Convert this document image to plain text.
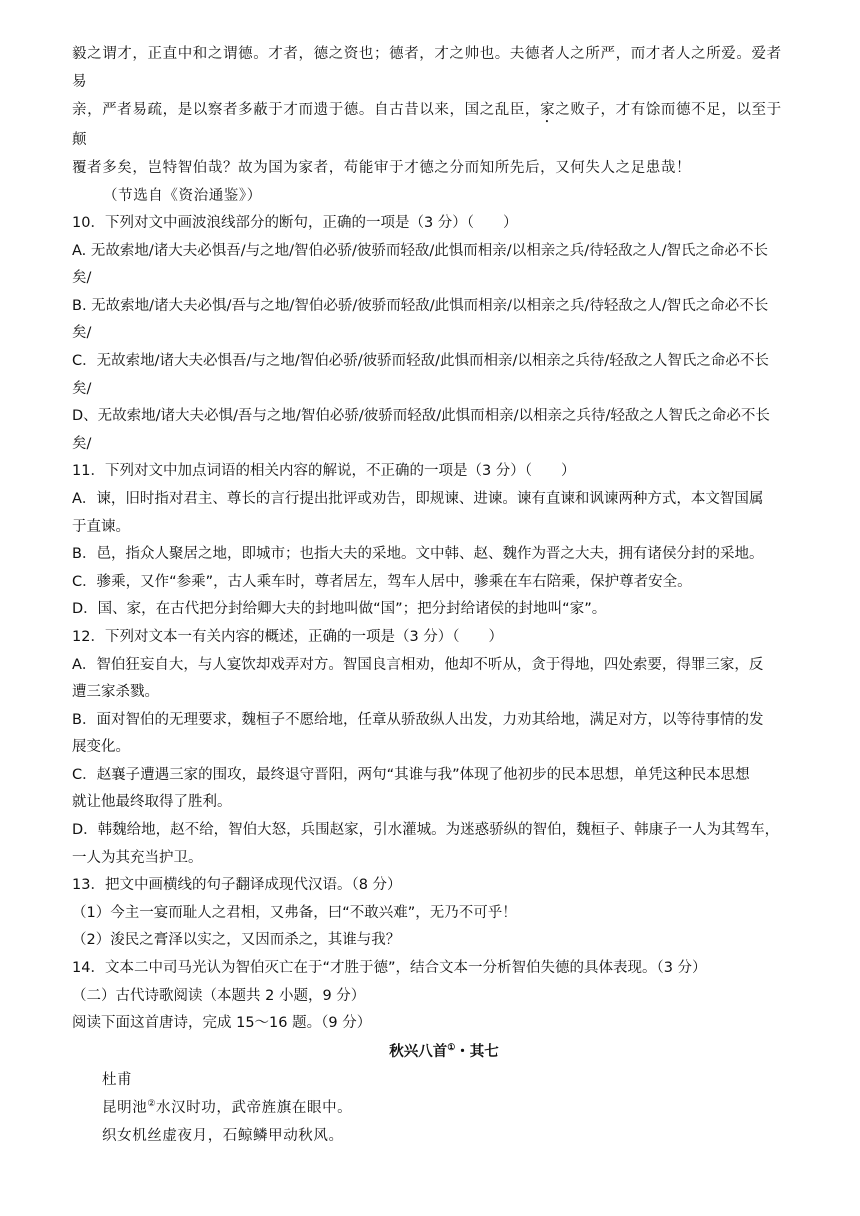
毅之谓才，正直中和之谓德。才者，德之资也；德者，才之帅也。夫德者人之所严，而才者人之所爱。爱者易

亲，严者易疏，是以察者多蔽于才而遗于德。自古昔以来，国之乱臣，家之败子，才有馀而德不足，以至于颠

覆者多矣，岂特智伯哉？故为国为家者，苟能审于才德之分而知所先后，又何失人之足患哉！

（节选自《资治通鉴》）

10．下列对文中画波浪线部分的断句，正确的一项是（3 分）（　　）

A. 无故索地/诸大夫必惧吾/与之地/智伯必骄/彼骄而轻敌/此惧而相亲/以相亲之兵/待轻敌之人/智氏之命必不长

矣/

B. 无故索地/诸大夫必惧/吾与之地/智伯必骄/彼骄而轻敌/此惧而相亲/以相亲之兵/待轻敌之人/智氏之命必不长

矣/

C．无故索地/诸大夫必惧吾/与之地/智伯必骄/彼骄而轻敌/此惧而相亲/以相亲之兵待/轻敌之人智氏之命必不长

矣/

D、无故索地/诸大夫必惧/吾与之地/智伯必骄/彼骄而轻敌/此惧而相亲/以相亲之兵待/轻敌之人智氏之命必不长

矣/

11．下列对文中加点词语的相关内容的解说，不正确的一项是（3 分）（　　）

A．谏，旧时指对君主、尊长的言行提出批评或劝告，即规谏、进谏。谏有直谏和讽谏两种方式，本文智国属

于直谏。

B．邑，指众人聚居之地，即城市；也指大夫的采地。文中韩、赵、魏作为晋之大夫，拥有诸侯分封的采地。

C．骖乘，又作“参乘”，古人乘车时，尊者居左，驾车人居中，骖乘在车右陪乘，保护尊者安全。

D．国、家，在古代把分封给卿大夫的封地叫做“国”；把分封给诸侯的封地叫“家”。

12．下列对文本一有关内容的概述，正确的一项是（3 分）（　　）

A．智伯狂妄自大，与人宴饮却戏弄对方。智国良言相劝，他却不听从，贪于得地，四处索要，得罪三家，反

遭三家杀戮。

B．面对智伯的无理要求，魏桓子不愿给地，任章从骄敌纵人出发，力劝其给地，满足对方，以等待事情的发

展变化。

C．赵襄子遭遇三家的围攻，最终退守晋阳，两句“其谁与我”体现了他初步的民本思想，单凭这种民本思想

就让他最终取得了胜利。

D．韩魏给地，赵不给，智伯大怒，兵围赵家，引水灌城。为迷惑骄纵的智伯，魏桓子、韩康子一人为其驾车，

一人为其充当护卫。

13．把文中画横线的句子翻译成现代汉语。（8 分）

（1）今主一宴而耻人之君相，又弗备，曰“不敢兴难”，无乃不可乎！

（2）浚民之膏泽以实之，又因而杀之，其谁与我？

14．文本二中司马光认为智伯灭亡在于“才胜于德”，结合文本一分析智伯失德的具体表现。（3 分）

（二）古代诗歌阅读（本题共 2 小题，9 分）

阅读下面这首唐诗，完成 15～16 题。（9 分）

秋兴八首①・其七

杜甫

昆明池②水汉时功，武帝旌旗在眼中。

织女机丝虚夜月，石鲸鳞甲动秋风。
